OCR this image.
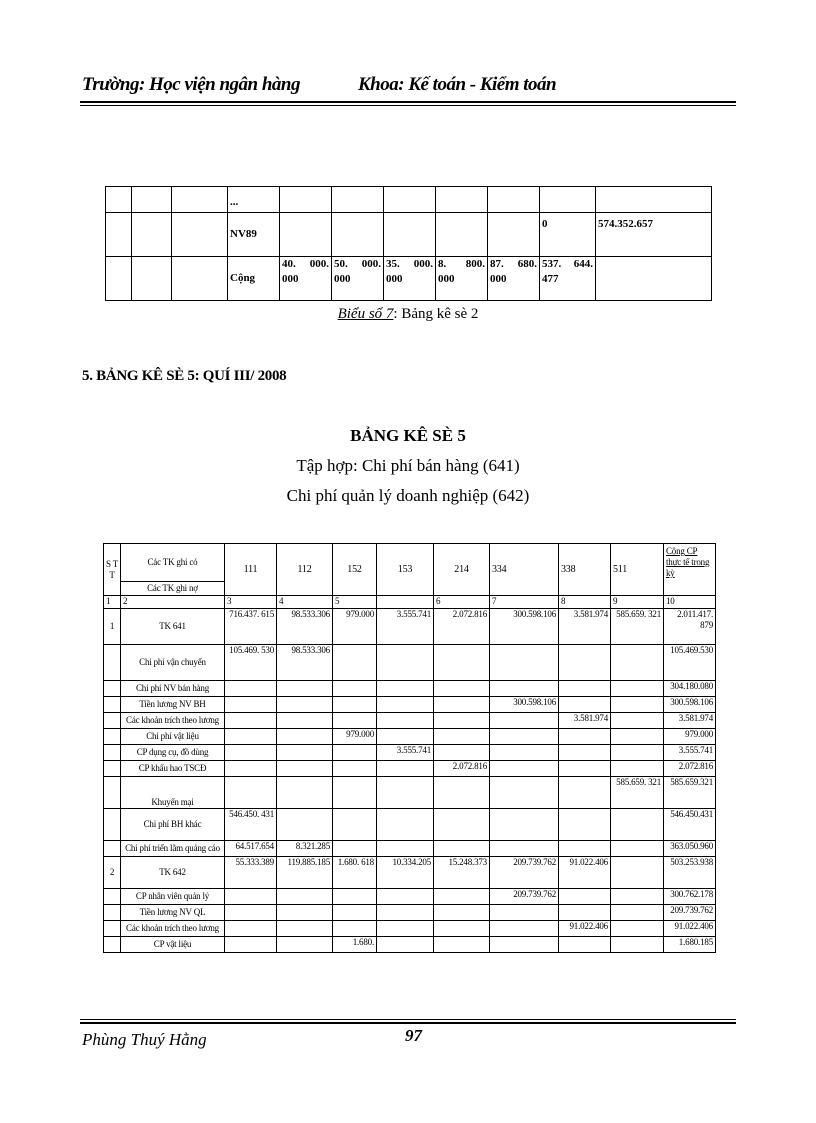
Trường: Học viện ngân hàng	Khoa: Kế toán - Kiểm toán
			...							
			NV89						0	574.352.657
			Cộng	40. 000. 000	50. 000. 000	35. 000. 000	8. 800. 000	87. 680. 000	537. 644. 477	
Biểu số 7: Bảng kê sè 2
5. BẢNG KÊ SÈ 5: QUÍ III/ 2008
BẢNG KÊ SÈ 5
Tập hợp: Chi phí bán hàng (641)
Chi phí quản lý doanh nghiệp (642)
S T T	Các TK ghi có	111	112	152	153	214	334	338	511	Cộng CP thực tế trong kỳ
	Các TK ghi nợ									
1	2	3	4	5		6	7	8	9	10
1	TK 641	716.437. 615	98.533.306	979.000	3.555.741	2.072.816	300.598.106	3.581.974	585.659. 321	2.011.417. 879
	Chi phí vận chuyển	105.469. 530	98.533.306							105.469.530
	Chi phí NV bán hàng									304.180.080
	Tiền lương NV BH						300.598.106			300.598.106
	Các khoản trích theo lương							3.581.974		3.581.974
	Chi phí vật liệu			979.000						979.000
	CP dụng cụ, đồ dùng				3.555.741					3.555.741
	CP khấu hao TSCĐ					2.072.816				2.072.816
	Khuyến mại								585.659. 321	585.659.321
	Chi phí BH khác	546.450. 431								546.450.431
	Chi phí triển lãm quảng cáo	64.517.654	8.321.285							363.050.960
2	TK 642	55.333.389	119.885.185	1.680. 618	10.334.205	15.248.373	209.739.762	91.022.406		503.253.938
	CP nhân viên quản lý						209.739.762			300.762.178
	Tiền lương NV QL									209.739.762
	Các khoản trích theo lương							91.022.406		91.022.406
	CP vật liệu			1.680.						1.680.185
Phùng Thuý Hằng	97
